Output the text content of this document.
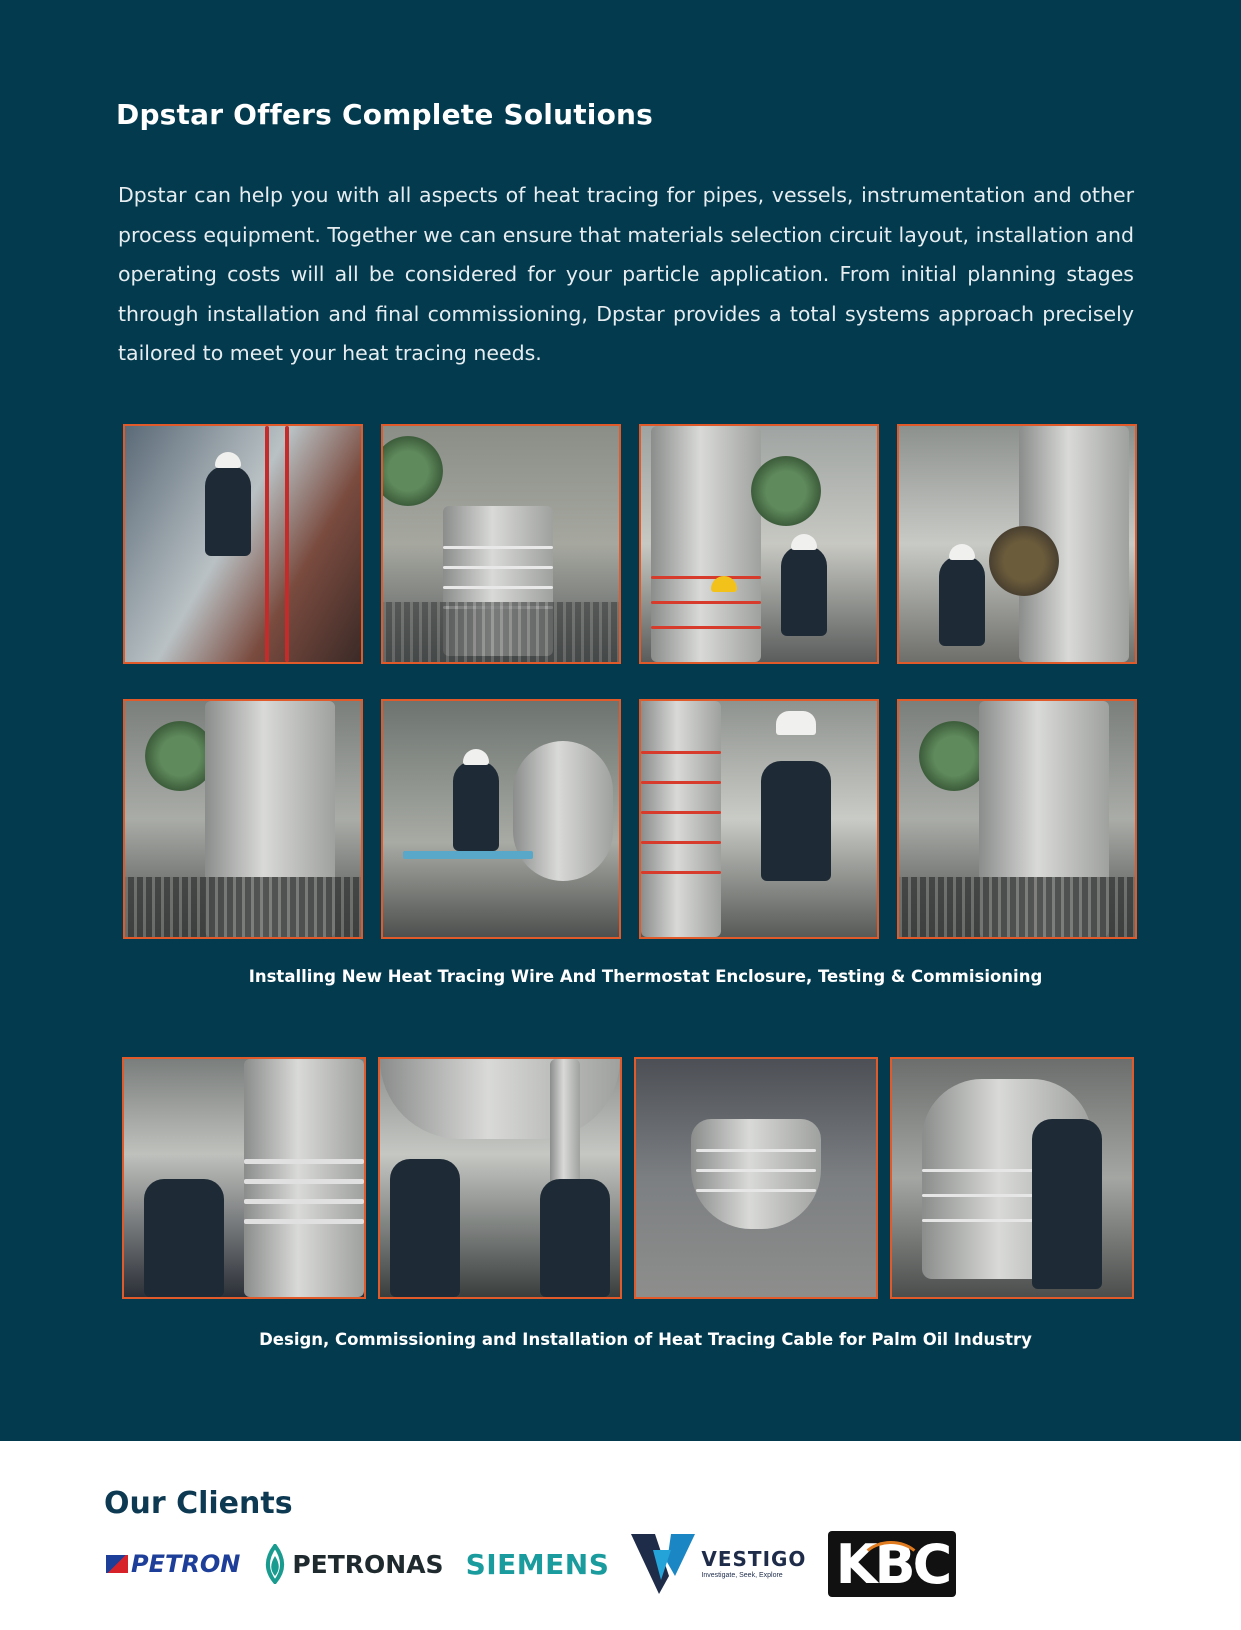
Dpstar Offers Complete Solutions

Dpstar can help you with all aspects of heat tracing for pipes, vessels, instrumentation and other process equipment. Together we can ensure that materials selection circuit layout, installation and operating costs will all be considered for your particle application. From initial planning stages through installation and final commissioning, Dpstar provides a total systems approach precisely tailored to meet your heat tracing needs.

Installing New Heat Tracing Wire And Thermostat Enclosure, Testing & Commisioning

Design, Commissioning and Installation of Heat Tracing Cable for Palm Oil Industry

Our Clients
PETRON PETRONAS SIEMENS	VESTIGO
Investigate, Seek, Explore KBC
